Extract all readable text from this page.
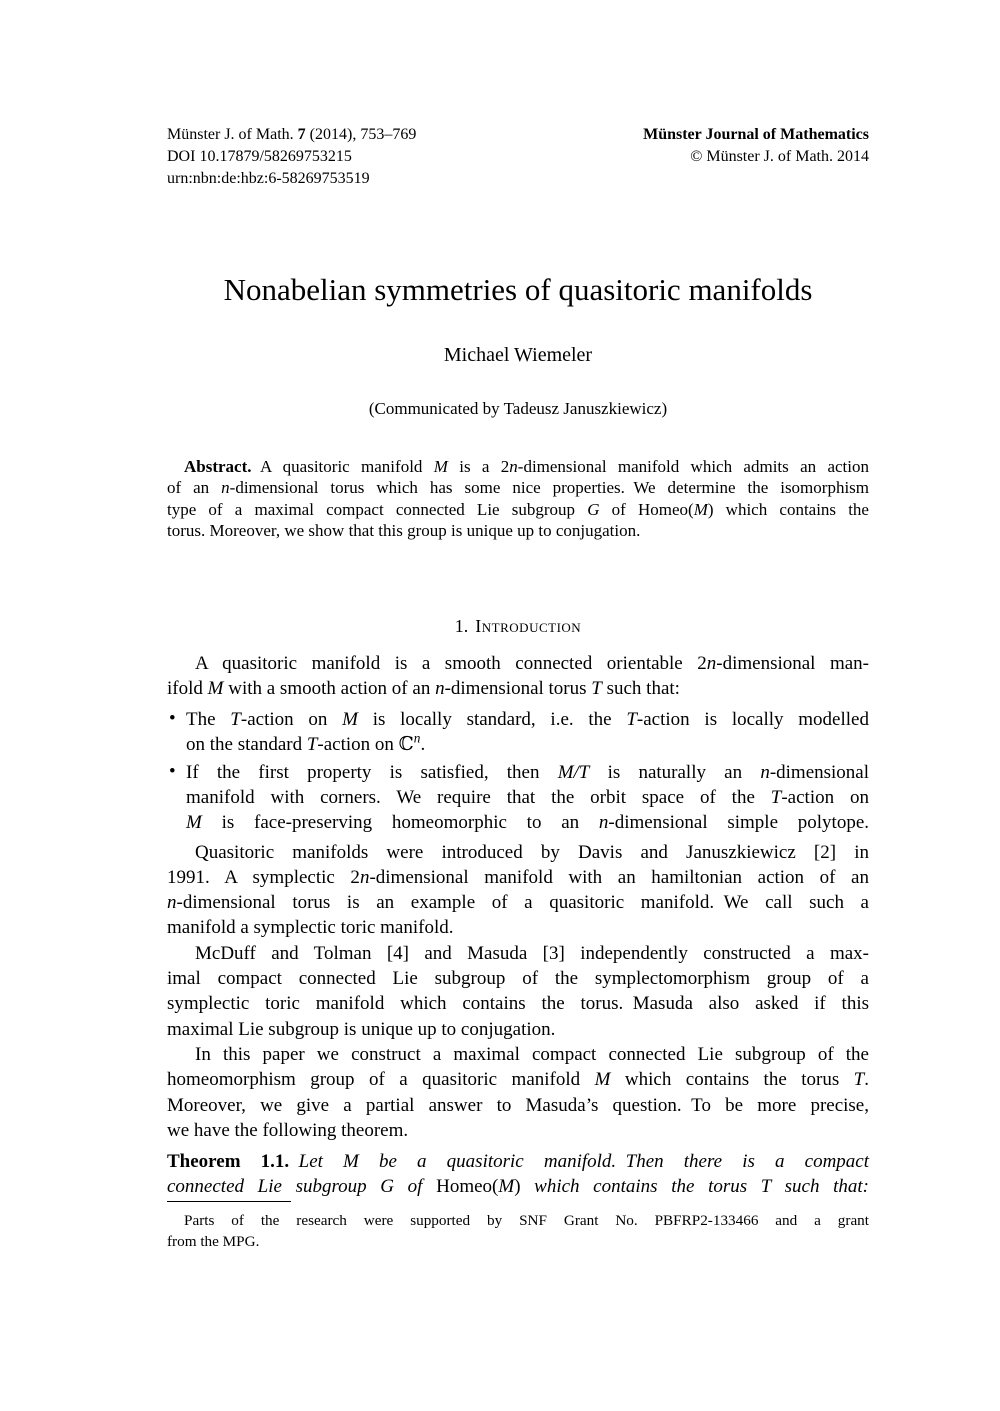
Münster J. of Math. 7 (2014), 753–769
DOI 10.17879/58269753215
urn:nbn:de:hbz:6-58269753519
Münster Journal of Mathematics
© Münster J. of Math. 2014
Nonabelian symmetries of quasitoric manifolds
Michael Wiemeler
(Communicated by Tadeusz Januszkiewicz)
Abstract. A quasitoric manifold M is a 2n-dimensional manifold which admits an action
of an n-dimensional torus which has some nice properties. We determine the isomorphism
type of a maximal compact connected Lie subgroup G of Homeo(M) which contains the
torus. Moreover, we show that this group is unique up to conjugation.
1. Introduction
A quasitoric manifold is a smooth connected orientable 2n-dimensional man-
ifold M with a smooth action of an n-dimensional torus T such that:
• The T-action on M is locally standard, i.e. the T-action is locally modelled
on the standard T-action on ℂ$^n$.
• If the first property is satisfied, then M/T is naturally an n-dimensional
manifold with corners. We require that the orbit space of the T-action on
M is face-preserving homeomorphic to an n-dimensional simple polytope.
Quasitoric manifolds were introduced by Davis and Januszkiewicz [2] in
1991. A symplectic 2n-dimensional manifold with an hamiltonian action of an
n-dimensional torus is an example of a quasitoric manifold. We call such a
manifold a symplectic toric manifold.
McDuff and Tolman [4] and Masuda [3] independently constructed a max-
imal compact connected Lie subgroup of the symplectomorphism group of a
symplectic toric manifold which contains the torus. Masuda also asked if this
maximal Lie subgroup is unique up to conjugation.
In this paper we construct a maximal compact connected Lie subgroup of the
homeomorphism group of a quasitoric manifold M which contains the torus T.
Moreover, we give a partial answer to Masuda’s question. To be more precise,
we have the following theorem.
Theorem 1.1. Let M be a quasitoric manifold. Then there is a compact
connected Lie subgroup G of Homeo(M) which contains the torus T such that:
Parts of the research were supported by SNF Grant No. PBFRP2-133466 and a grant
from the MPG.
